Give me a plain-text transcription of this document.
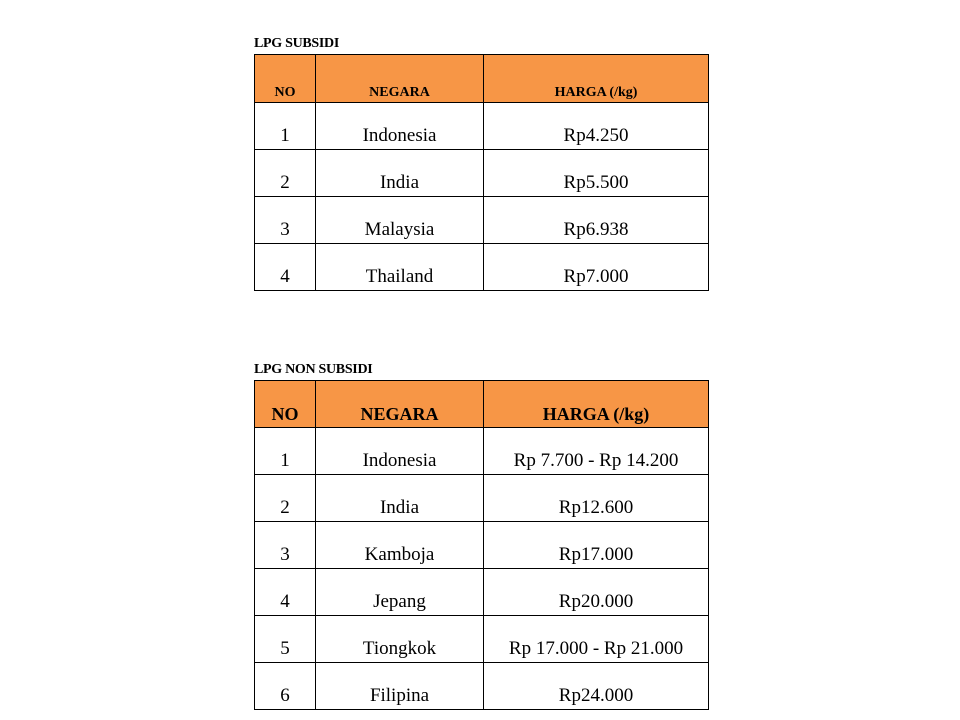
LPG SUBSIDI
NO	NEGARA	HARGA (/kg)
1	Indonesia	Rp4.250
2	India	Rp5.500
3	Malaysia	Rp6.938
4	Thailand	Rp7.000
LPG NON SUBSIDI
NO	NEGARA	HARGA (/kg)
1	Indonesia	Rp 7.700 - Rp 14.200
2	India	Rp12.600
3	Kamboja	Rp17.000
4	Jepang	Rp20.000
5	Tiongkok	Rp 17.000 - Rp 21.000
6	Filipina	Rp24.000
